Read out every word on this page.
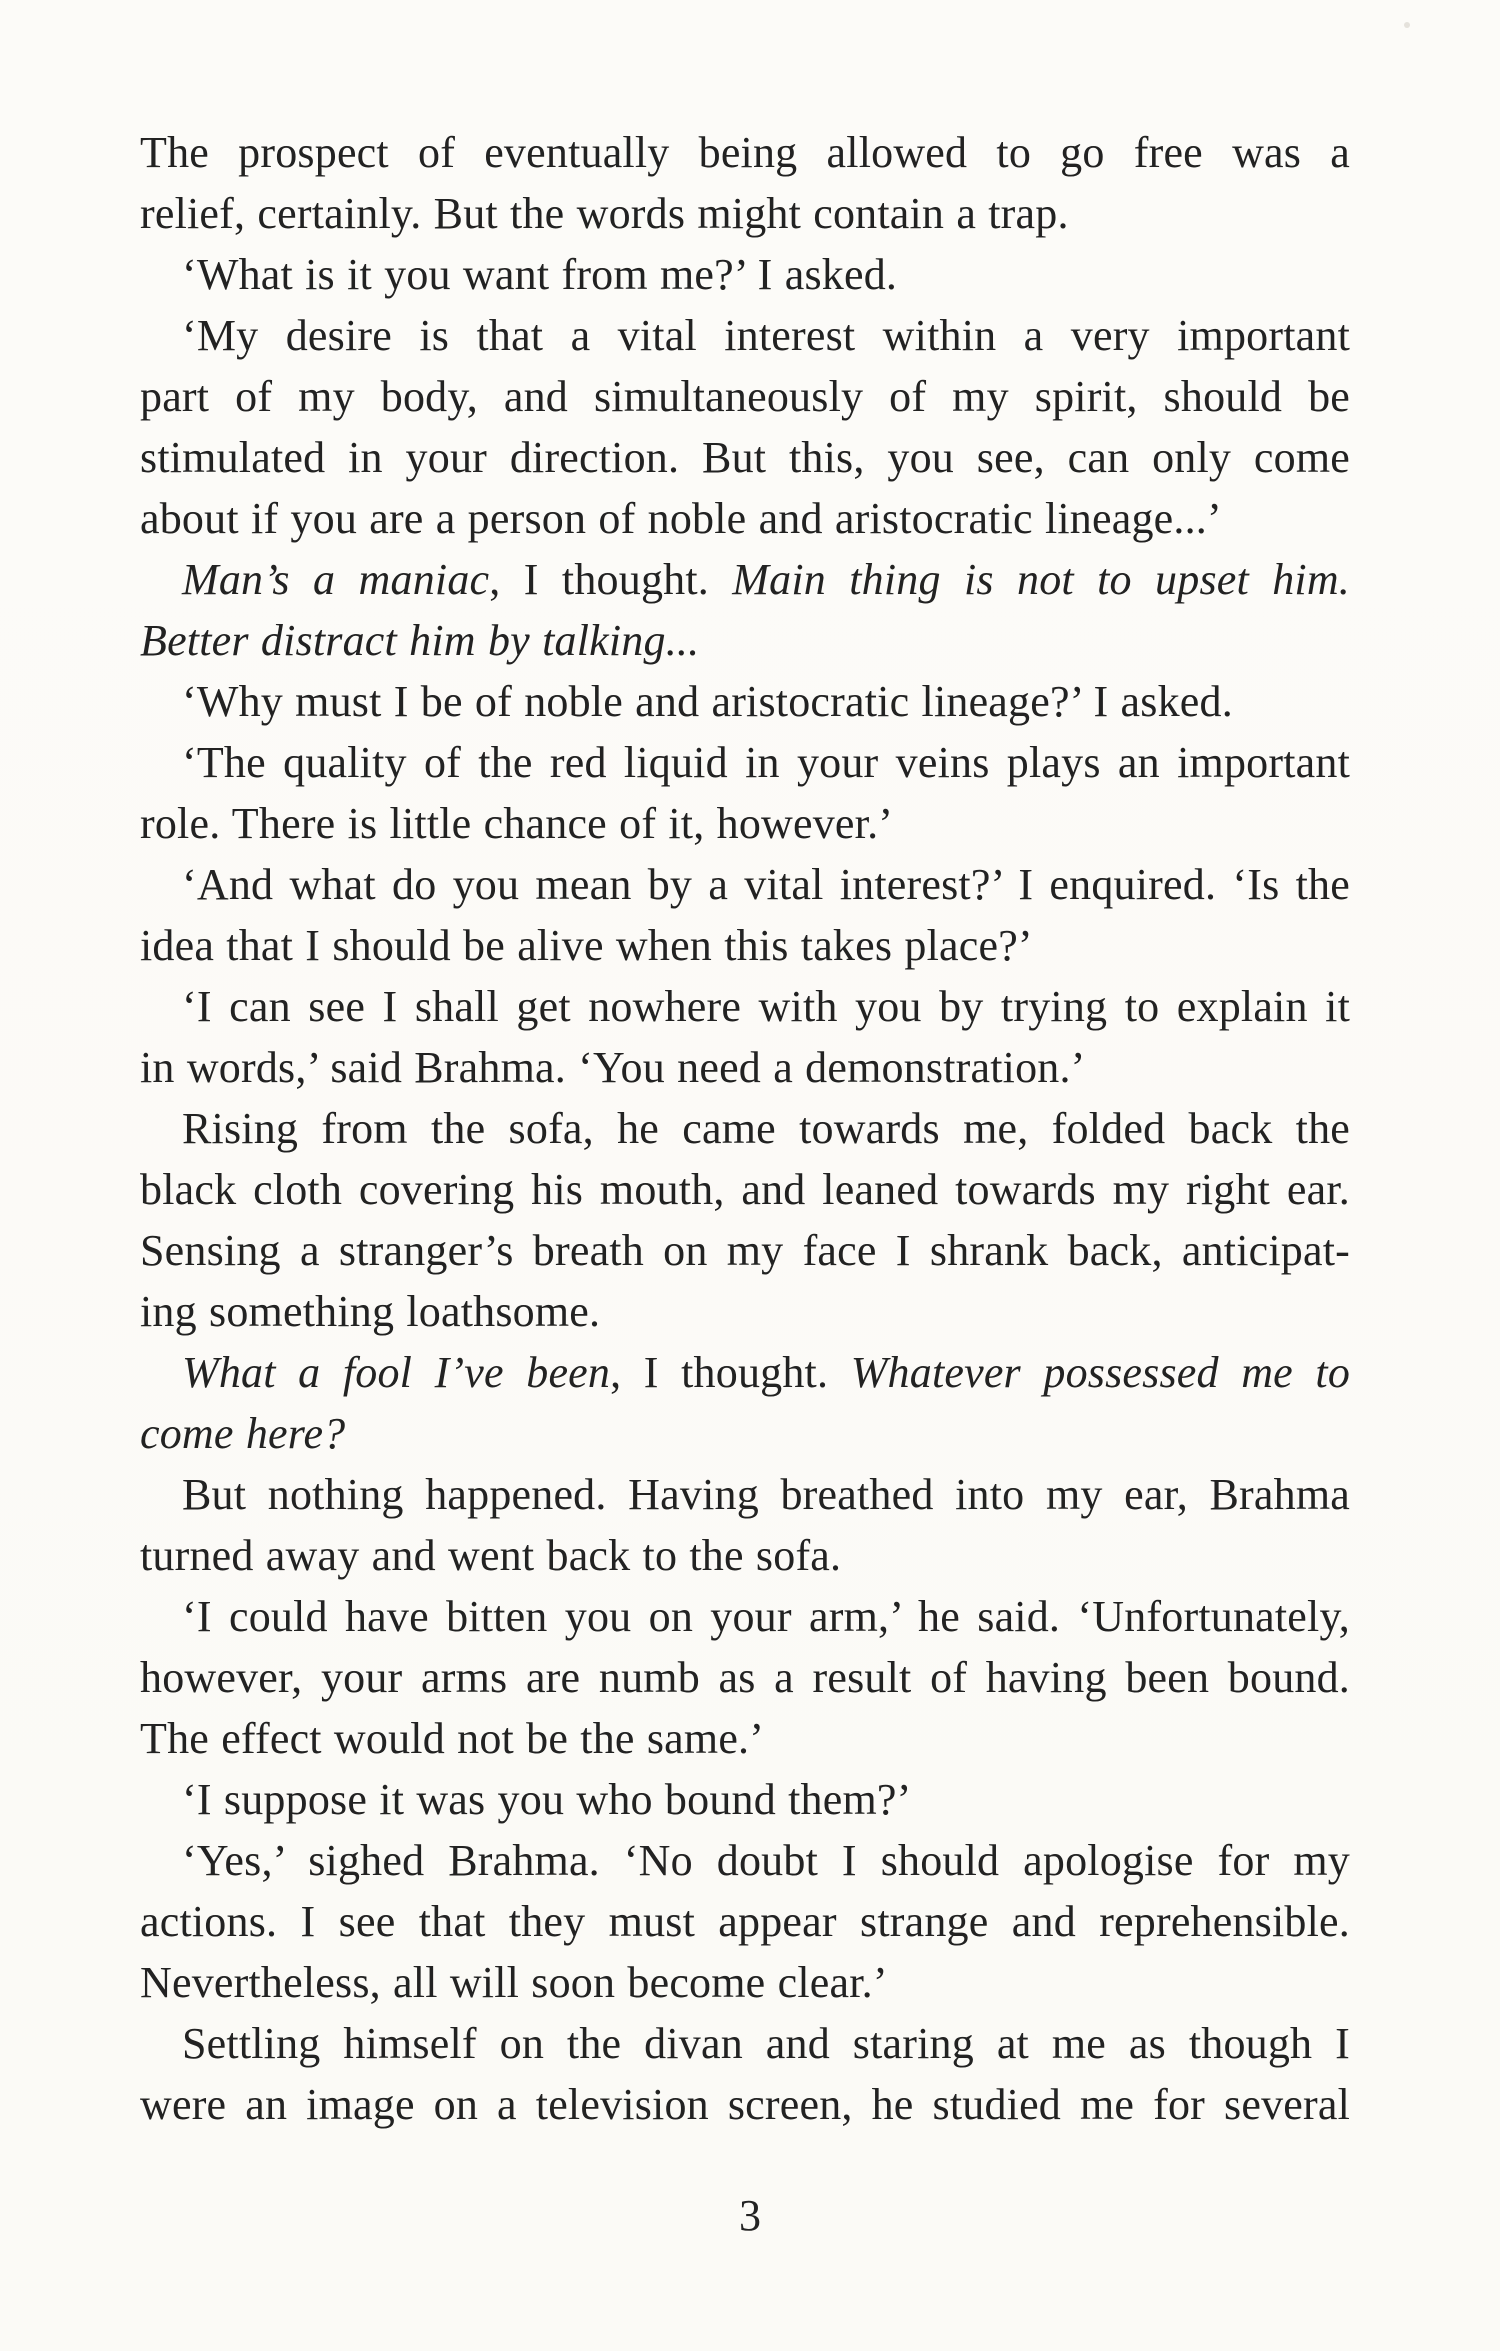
The prospect of eventually being allowed to go free was a
relief, certainly. But the words might contain a trap.

‘What is it you want from me?’ I asked.

‘My desire is that a vital interest within a very important
part of my body, and simultaneously of my spirit, should be
stimulated in your direction. But this, you see, can only come
about if you are a person of noble and aristocratic lineage...’

Man’s a maniac, I thought. Main thing is not to upset him.
Better distract him by talking...

‘Why must I be of noble and aristocratic lineage?’ I asked.

‘The quality of the red liquid in your veins plays an important
role. There is little chance of it, however.’

‘And what do you mean by a vital interest?’ I enquired. ‘Is the
idea that I should be alive when this takes place?’

‘I can see I shall get nowhere with you by trying to explain it
in words,’ said Brahma. ‘You need a demonstration.’

Rising from the sofa, he came towards me, folded back the
black cloth covering his mouth, and leaned towards my right ear.
Sensing a stranger’s breath on my face I shrank back, anticipat-
ing something loathsome.

What a fool I’ve been, I thought. Whatever possessed me to
come here?

But nothing happened. Having breathed into my ear, Brahma
turned away and went back to the sofa.

‘I could have bitten you on your arm,’ he said. ‘Unfortunately,
however, your arms are numb as a result of having been bound.
The effect would not be the same.’

‘I suppose it was you who bound them?’

‘Yes,’ sighed Brahma. ‘No doubt I should apologise for my
actions. I see that they must appear strange and reprehensible.
Nevertheless, all will soon become clear.’

Settling himself on the divan and staring at me as though I
were an image on a television screen, he studied me for several

3
